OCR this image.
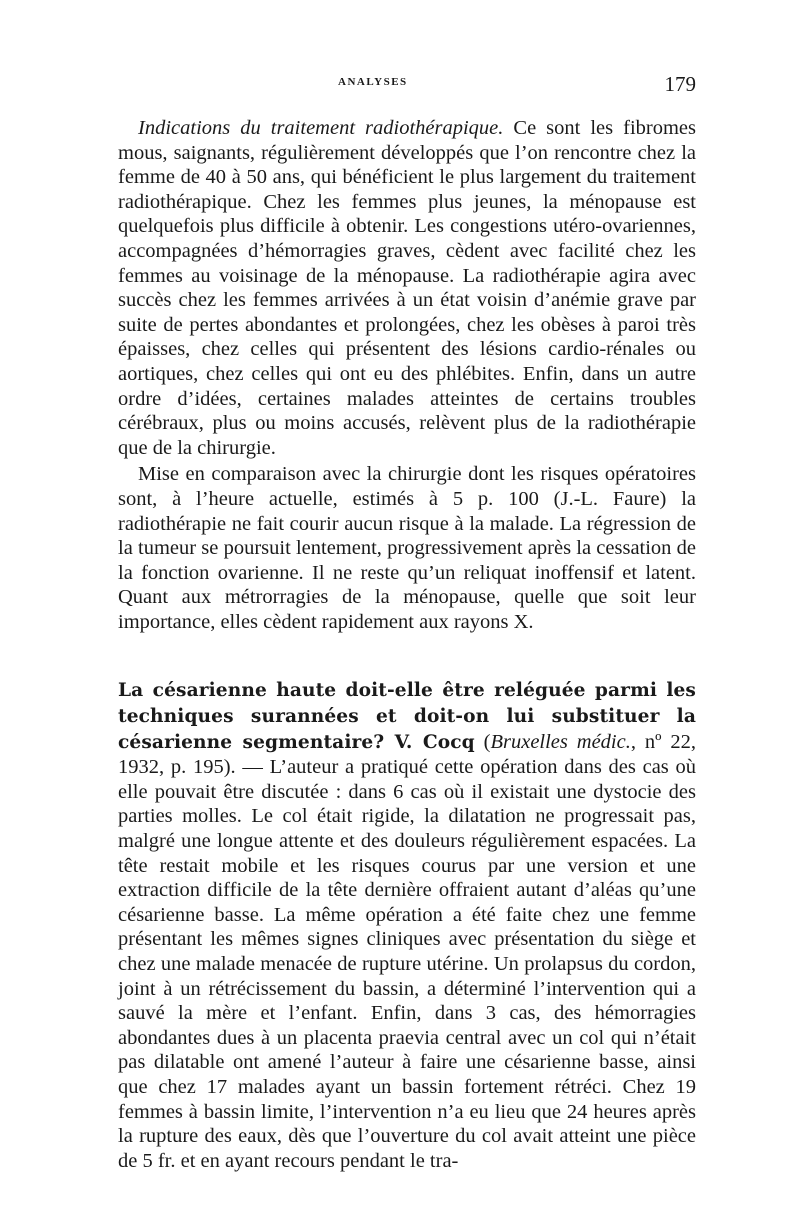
ANALYSES	179

Indications du traitement radiothérapique. Ce sont les fibromes mous, saignants, régulièrement développés que l’on rencontre chez la femme de 40 à 50 ans, qui bénéficient le plus largement du traitement radiothérapique. Chez les femmes plus jeunes, la ménopause est quelquefois plus difficile à obtenir. Les congestions utéro-ovariennes, accompagnées d’hémorragies graves, cèdent avec facilité chez les femmes au voisinage de la ménopause. La radiothérapie agira avec succès chez les femmes arrivées à un état voisin d’anémie grave par suite de pertes abondantes et prolongées, chez les obèses à paroi très épaisses, chez celles qui présentent des lésions cardio-rénales ou aortiques, chez celles qui ont eu des phlébites. Enfin, dans un autre ordre d’idées, certaines malades atteintes de certains troubles cérébraux, plus ou moins accusés, relèvent plus de la radiothérapie que de la chirurgie.

Mise en comparaison avec la chirurgie dont les risques opératoires sont, à l’heure actuelle, estimés à 5 p. 100 (J.-L. Faure) la radiothérapie ne fait courir aucun risque à la malade. La régression de la tumeur se poursuit lentement, progressivement après la cessation de la fonction ovarienne. Il ne reste qu’un reliquat inoffensif et latent. Quant aux métrorragies de la ménopause, quelle que soit leur importance, elles cèdent rapidement aux rayons X.

La césarienne haute doit-elle être reléguée parmi les techniques surannées et doit-on lui substituer la césarienne segmentaire? V. Cocq (Bruxelles médic., nº 22, 1932, p. 195). — L’auteur a pratiqué cette opération dans des cas où elle pouvait être discutée : dans 6 cas où il existait une dystocie des parties molles. Le col était rigide, la dilatation ne progressait pas, malgré une longue attente et des douleurs régulièrement espacées. La tête restait mobile et les risques courus par une version et une extraction difficile de la tête dernière offraient autant d’aléas qu’une césarienne basse. La même opération a été faite chez une femme présentant les mêmes signes cliniques avec présentation du siège et chez une malade menacée de rupture utérine. Un prolapsus du cordon, joint à un rétrécissement du bassin, a déterminé l’intervention qui a sauvé la mère et l’enfant. Enfin, dans 3 cas, des hémorragies abondantes dues à un placenta praevia central avec un col qui n’était pas dilatable ont amené l’auteur à faire une césarienne basse, ainsi que chez 17 malades ayant un bassin fortement rétréci. Chez 19 femmes à bassin limite, l’intervention n’a eu lieu que 24 heures après la rupture des eaux, dès que l’ouverture du col avait atteint une pièce de 5 fr. et en ayant recours pendant le tra-
